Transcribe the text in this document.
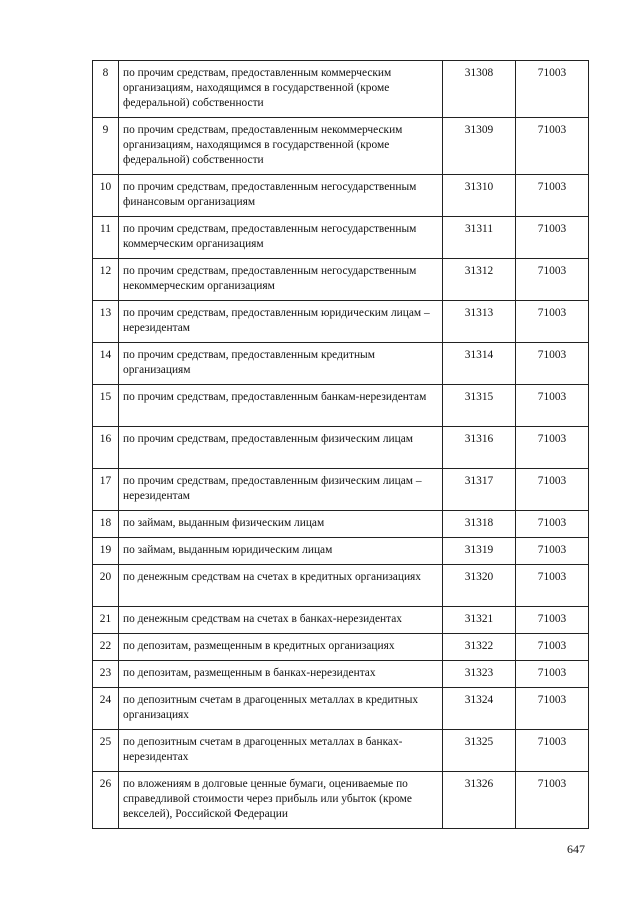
8	по прочим средствам, предоставленным коммерческим организациям, находящимся в государственной (кроме федеральной) собственности	31308	71003
9	по прочим средствам, предоставленным некоммерческим организациям, находящимся в государственной (кроме федеральной) собственности	31309	71003
10	по прочим средствам, предоставленным негосударственным финансовым организациям	31310	71003
11	по прочим средствам, предоставленным негосударственным коммерческим организациям	31311	71003
12	по прочим средствам, предоставленным негосударственным некоммерческим организациям	31312	71003
13	по прочим средствам, предоставленным юридическим лицам – нерезидентам	31313	71003
14	по прочим средствам, предоставленным кредитным организациям	31314	71003
15	по прочим средствам, предоставленным банкам-нерезидентам	31315	71003
16	по прочим средствам, предоставленным физическим лицам	31316	71003
17	по прочим средствам, предоставленным физическим лицам – нерезидентам	31317	71003
18	по займам, выданным физическим лицам	31318	71003
19	по займам, выданным юридическим лицам	31319	71003
20	по денежным средствам на счетах в кредитных организациях	31320	71003
21	по денежным средствам на счетах в банках-нерезидентах	31321	71003
22	по депозитам, размещенным в кредитных организациях	31322	71003
23	по депозитам, размещенным в банках-нерезидентах	31323	71003
24	по депозитным счетам в драгоценных металлах в кредитных организациях	31324	71003
25	по депозитным счетам в драгоценных металлах в банках-нерезидентах	31325	71003
26	по вложениям в долговые ценные бумаги, оцениваемые по справедливой стоимости через прибыль или убыток (кроме векселей), Российской Федерации	31326	71003
647
